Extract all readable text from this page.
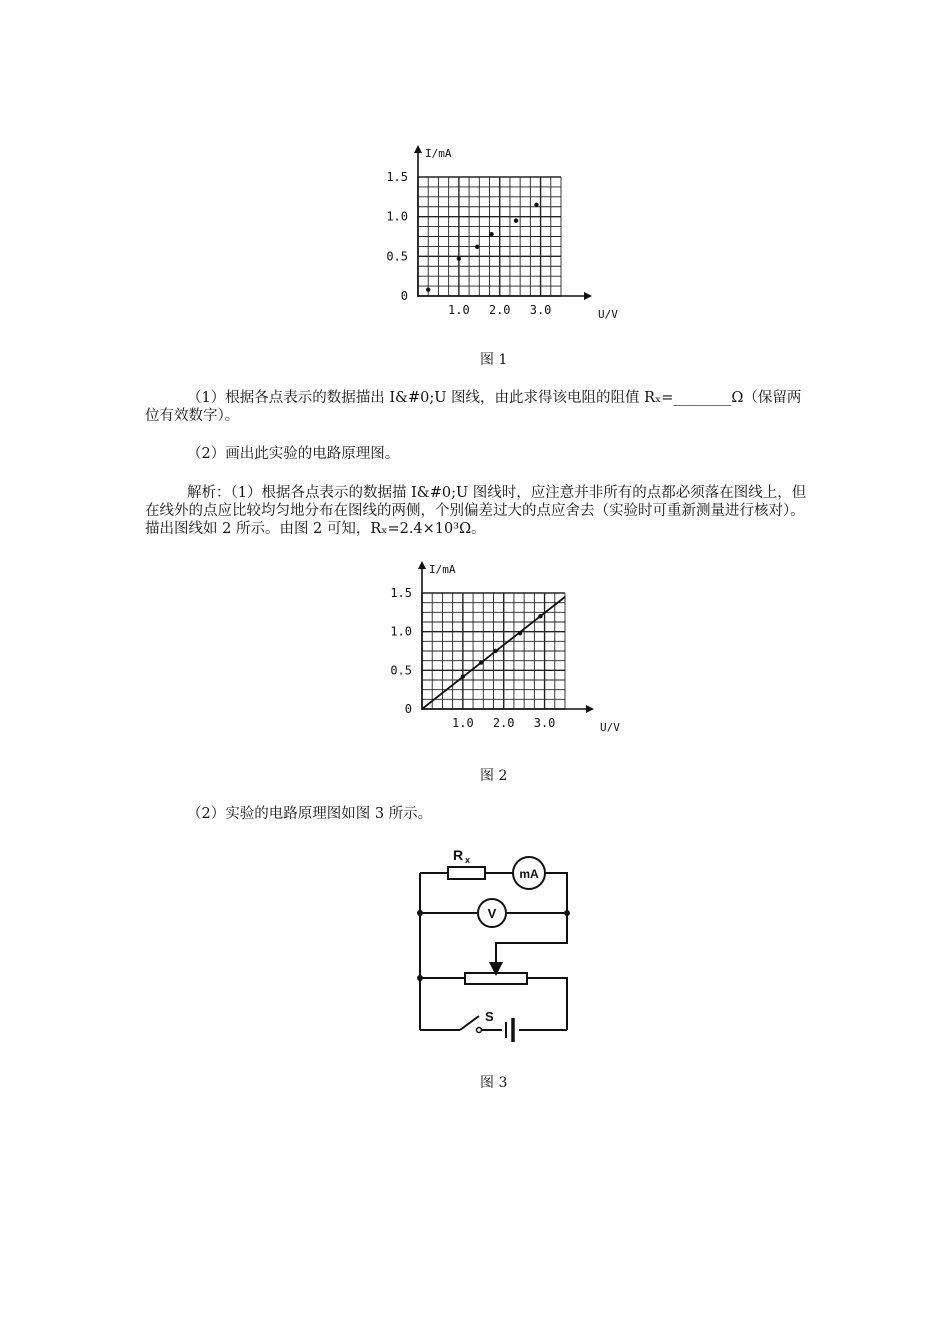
0
0.5
1.0
1.5
1.0 2.0 3.0
I/mA
U/V
图 1
（1）根据各点表示的数据描出 I&#0;U 图线，由此求得该电阻的阻值 Rₓ=________Ω（保留两位有效数字）。
（2）画出此实验的电路原理图。
解析：（1）根据各点表示的数据描 I&#0;U 图线时，应注意并非所有的点都必须落在图线上，但在线外的点应比较均匀地分布在图线的两侧，个别偏差过大的点应舍去（实验时可重新测量进行核对）。描出图线如 2 所示。由图 2 可知，Rₓ=2.4×10³Ω。
0
0.5
1.0
1.5
1.0 2.0 3.0
I/mA
U/V
图 2
（2）实验的电路原理图如图 3 所示。
R x
mA
V
S
图 3
